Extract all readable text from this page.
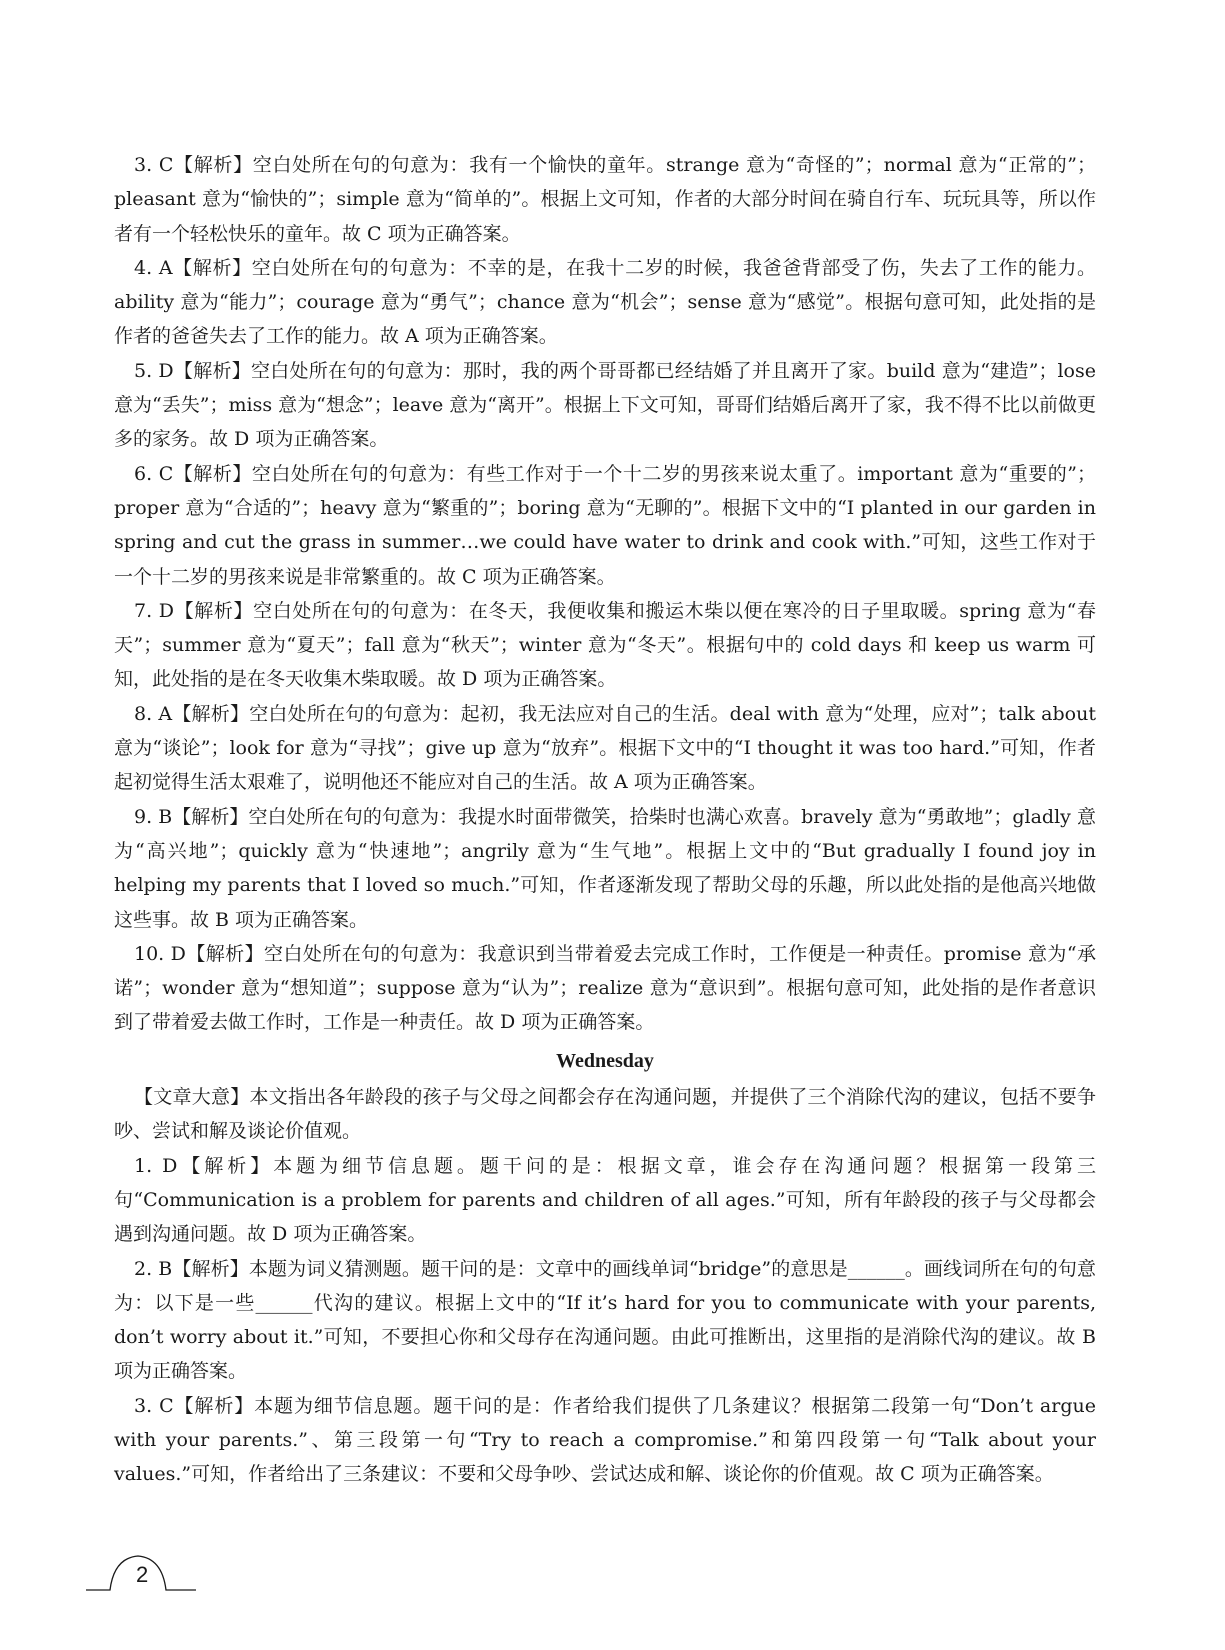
3. C【解析】空白处所在句的句意为：我有一个愉快的童年。strange 意为“奇怪的”；normal 意为“正常的”；pleasant 意为“愉快的”；simple 意为“简单的”。根据上文可知，作者的大部分时间在骑自行车、玩玩具等，所以作者有一个轻松快乐的童年。故 C 项为正确答案。

4. A【解析】空白处所在句的句意为：不幸的是，在我十二岁的时候，我爸爸背部受了伤，失去了工作的能力。ability 意为“能力”；courage 意为“勇气”；chance 意为“机会”；sense 意为“感觉”。根据句意可知，此处指的是作者的爸爸失去了工作的能力。故 A 项为正确答案。

5. D【解析】空白处所在句的句意为：那时，我的两个哥哥都已经结婚了并且离开了家。build 意为“建造”；lose 意为“丢失”；miss 意为“想念”；leave 意为“离开”。根据上下文可知，哥哥们结婚后离开了家，我不得不比以前做更多的家务。故 D 项为正确答案。

6. C【解析】空白处所在句的句意为：有些工作对于一个十二岁的男孩来说太重了。important 意为“重要的”；proper 意为“合适的”；heavy 意为“繁重的”；boring 意为“无聊的”。根据下文中的“I planted in our garden in spring and cut the grass in summer…we could have water to drink and cook with.”可知，这些工作对于一个十二岁的男孩来说是非常繁重的。故 C 项为正确答案。

7. D【解析】空白处所在句的句意为：在冬天，我便收集和搬运木柴以便在寒冷的日子里取暖。spring 意为“春天”；summer 意为“夏天”；fall 意为“秋天”；winter 意为“冬天”。根据句中的 cold days 和 keep us warm 可知，此处指的是在冬天收集木柴取暖。故 D 项为正确答案。

8. A【解析】空白处所在句的句意为：起初，我无法应对自己的生活。deal with 意为“处理，应对”；talk about 意为“谈论”；look for 意为“寻找”；give up 意为“放弃”。根据下文中的“I thought it was too hard.”可知，作者起初觉得生活太艰难了，说明他还不能应对自己的生活。故 A 项为正确答案。

9. B【解析】空白处所在句的句意为：我提水时面带微笑，拾柴时也满心欢喜。bravely 意为“勇敢地”；gladly 意为“高兴地”；quickly 意为“快速地”；angrily 意为“生气地”。根据上文中的“But gradually I found joy in helping my parents that I loved so much.”可知，作者逐渐发现了帮助父母的乐趣，所以此处指的是他高兴地做这些事。故 B 项为正确答案。

10. D【解析】空白处所在句的句意为：我意识到当带着爱去完成工作时，工作便是一种责任。promise 意为“承诺”；wonder 意为“想知道”；suppose 意为“认为”；realize 意为“意识到”。根据句意可知，此处指的是作者意识到了带着爱去做工作时，工作是一种责任。故 D 项为正确答案。

Wednesday

【文章大意】本文指出各年龄段的孩子与父母之间都会存在沟通问题，并提供了三个消除代沟的建议，包括不要争吵、尝试和解及谈论价值观。

1. D【解析】本题为细节信息题。题干问的是：根据文章，谁会存在沟通问题？根据第一段第三句“Communication is a problem for parents and children of all ages.”可知，所有年龄段的孩子与父母都会遇到沟通问题。故 D 项为正确答案。

2. B【解析】本题为词义猜测题。题干问的是：文章中的画线单词“bridge”的意思是______。画线词所在句的句意为：以下是一些______代沟的建议。根据上文中的“If it’s hard for you to communicate with your parents, don’t worry about it.”可知，不要担心你和父母存在沟通问题。由此可推断出，这里指的是消除代沟的建议。故 B 项为正确答案。

3. C【解析】本题为细节信息题。题干问的是：作者给我们提供了几条建议？根据第二段第一句“Don’t argue with your parents.”、第三段第一句“Try to reach a compromise.”和第四段第一句“Talk about your values.”可知，作者给出了三条建议：不要和父母争吵、尝试达成和解、谈论你的价值观。故 C 项为正确答案。

2
